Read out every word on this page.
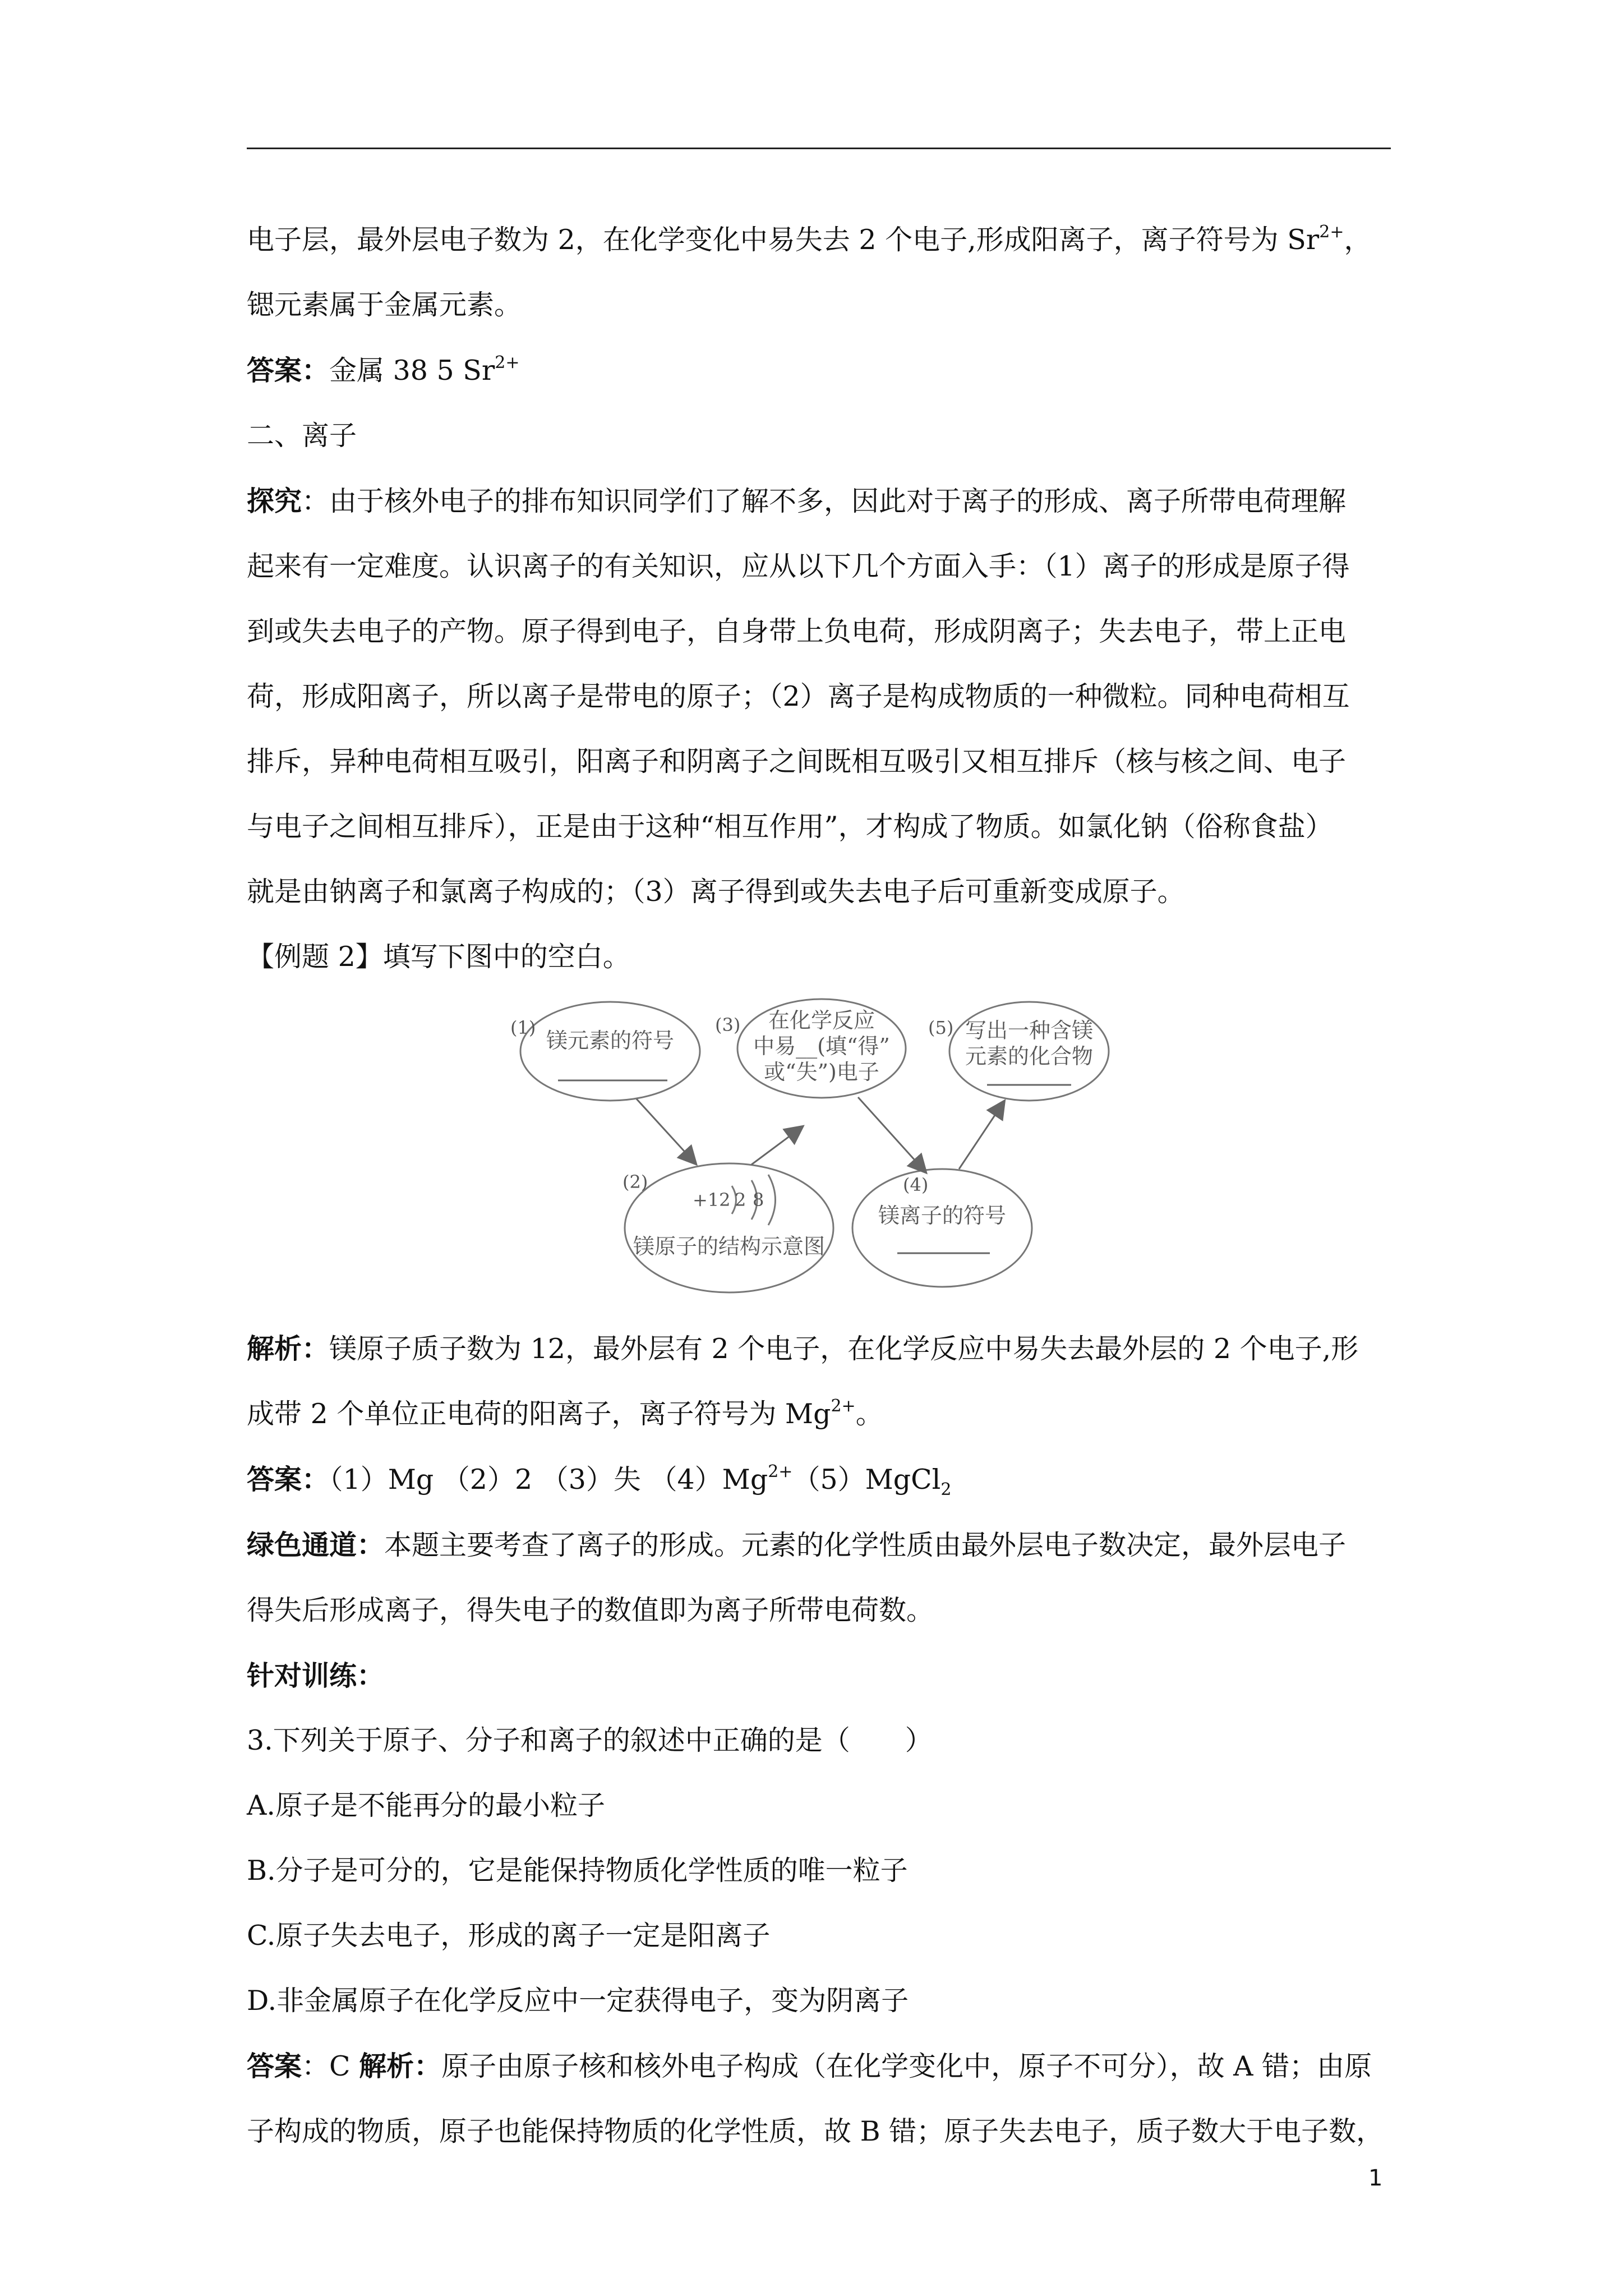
电子层，最外层电子数为 2，在化学变化中易失去 2 个电子,形成阳离子，离子符号为 $Sr^{2+}$，

锶元素属于金属元素。

答案：金属 38 5 $Sr^{2+}$

二、离子

探究：由于核外电子的排布知识同学们了解不多，因此对于离子的形成、离子所带电荷理解

起来有一定难度。认识离子的有关知识，应从以下几个方面入手：（1）离子的形成是原子得

到或失去电子的产物。原子得到电子，自身带上负电荷，形成阴离子；失去电子，带上正电

荷，形成阳离子，所以离子是带电的原子；（2）离子是构成物质的一种微粒。同种电荷相互

排斥，异种电荷相互吸引，阳离子和阴离子之间既相互吸引又相互排斥（核与核之间、电子

与电子之间相互排斥），正是由于这种“相互作用”，才构成了物质。如氯化钠（俗称食盐）

就是由钠离子和氯离子构成的；（3）离子得到或失去电子后可重新变成原子。

【例题 2】填写下图中的空白。

(1)	(3)	(5)
(2)	(4)
镁元素的符号
在化学反应
中易__(填“得”
或“失”)电子
写出一种含镁
元素的化合物
+12 2 8
镁原子的结构示意图
镁离子的符号

解析：镁原子质子数为 12，最外层有 2 个电子，在化学反应中易失去最外层的 2 个电子,形

成带 2 个单位正电荷的阳离子，离子符号为 $Mg^{2+}$。

答案：（1）Mg （2）2 （3）失 $(4)Mg^{2+}(5)MgCl_2$

绿色通道：本题主要考查了离子的形成。元素的化学性质由最外层电子数决定，最外层电子

得失后形成离子，得失电子的数值即为离子所带电荷数。

针对训练：

3.下列关于原子、分子和离子的叙述中正确的是（　　）

A.原子是不能再分的最小粒子

B.分子是可分的，它是能保持物质化学性质的唯一粒子

C.原子失去电子，形成的离子一定是阳离子

D.非金属原子在化学反应中一定获得电子，变为阴离子

答案：C 解析：原子由原子核和核外电子构成（在化学变化中，原子不可分），故 A 错；由原

子构成的物质，原子也能保持物质的化学性质，故 B 错；原子失去电子，质子数大于电子数，

1
